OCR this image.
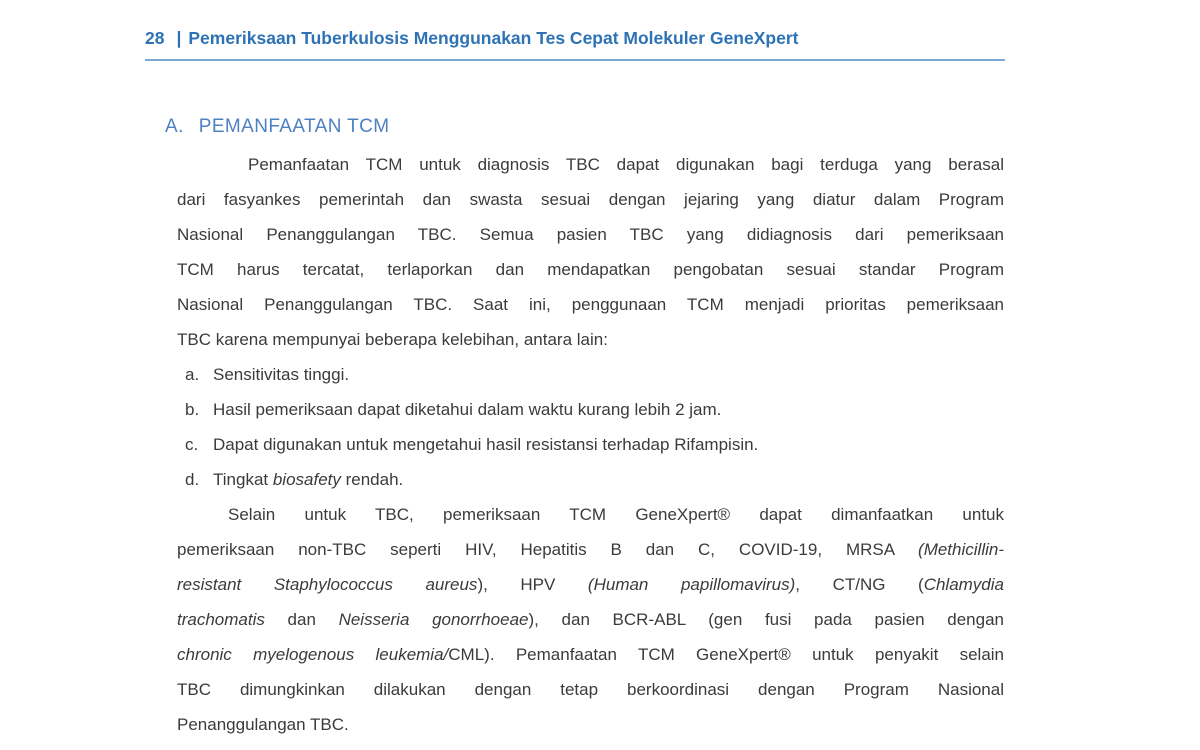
28 | Pemeriksaan Tuberkulosis Menggunakan Tes Cepat Molekuler GeneXpert
A. PEMANFAATAN TCM
Pemanfaatan TCM untuk diagnosis TBC dapat digunakan bagi terduga yang berasal
dari fasyankes pemerintah dan swasta sesuai dengan jejaring yang diatur dalam Program
Nasional Penanggulangan TBC. Semua pasien TBC yang didiagnosis dari pemeriksaan
TCM harus tercatat, terlaporkan dan mendapatkan pengobatan sesuai standar Program
Nasional Penanggulangan TBC. Saat ini, penggunaan TCM menjadi prioritas pemeriksaan
TBC karena mempunyai beberapa kelebihan, antara lain:
a. Sensitivitas tinggi.
b. Hasil pemeriksaan dapat diketahui dalam waktu kurang lebih 2 jam.
c. Dapat digunakan untuk mengetahui hasil resistansi terhadap Rifampisin.
d. Tingkat biosafety rendah.
Selain untuk TBC, pemeriksaan TCM GeneXpert® dapat dimanfaatkan untuk
pemeriksaan non-TBC seperti HIV, Hepatitis B dan C, COVID-19, MRSA (Methicillin-
resistant Staphylococcus aureus), HPV (Human papillomavirus), CT/NG (Chlamydia
trachomatis dan Neisseria gonorrhoeae), dan BCR-ABL (gen fusi pada pasien dengan
chronic myelogenous leukemia/CML). Pemanfaatan TCM GeneXpert® untuk penyakit selain
TBC dimungkinkan dilakukan dengan tetap berkoordinasi dengan Program Nasional
Penanggulangan TBC.
